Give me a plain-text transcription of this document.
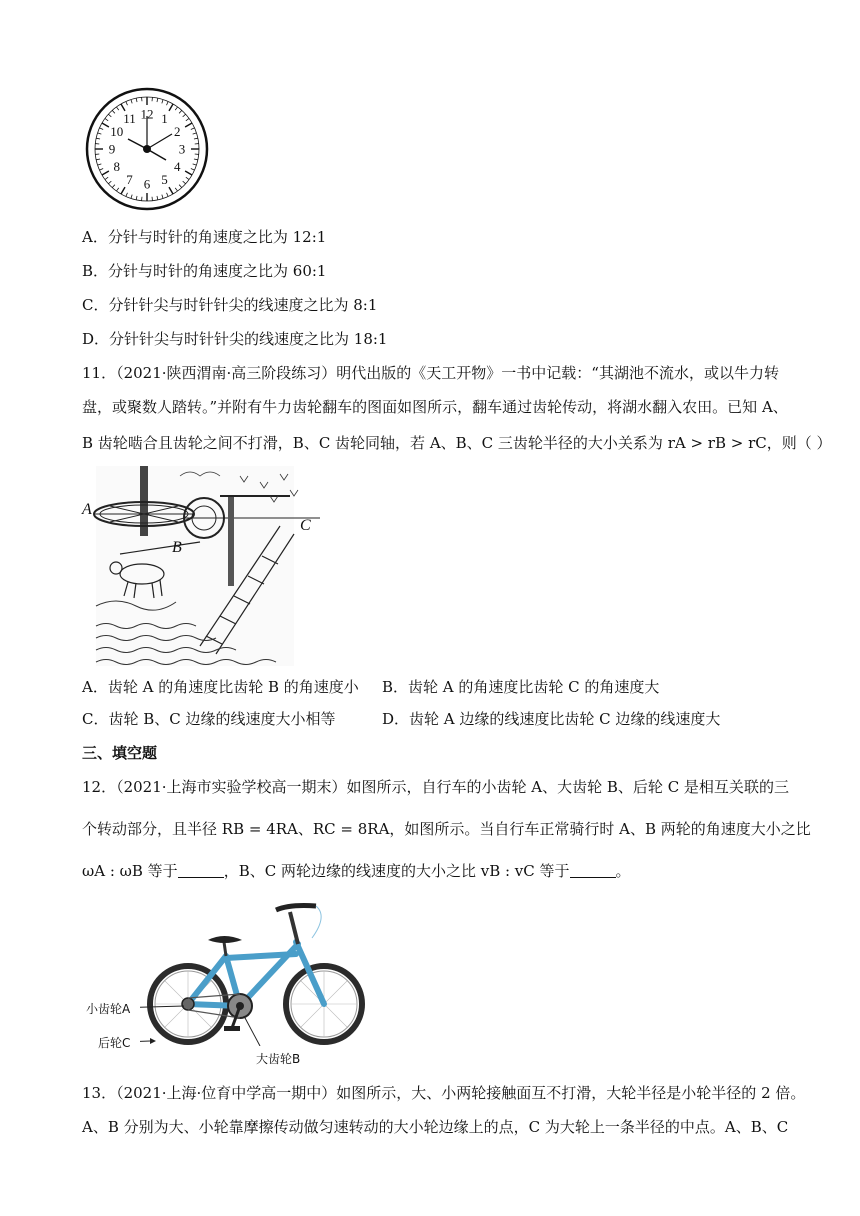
12 1
2
3
4
5
6
7
8
9
10
11
A．分针与时针的角速度之比为 12:1
B．分针与时针的角速度之比为 60:1
C．分针针尖与时针针尖的线速度之比为 8:1
D．分针针尖与时针针尖的线速度之比为 18:1
11．（2021·陕西渭南·高三阶段练习）明代出版的《天工开物》一书中记载：“其湖池不流水，或以牛力转
盘，或聚数人踏转。”并附有牛力齿轮翻车的图面如图所示，翻车通过齿轮传动，将湖水翻入农田。已知 A、
B 齿轮啮合且齿轮之间不打滑，B、C 齿轮同轴，若 A、B、C 三齿轮半径的大小关系为 rA > rB > rC，则（ ）
A
B
C
A．齿轮 A 的角速度比齿轮 B 的角速度小 B．齿轮 A 的角速度比齿轮 C 的角速度大
C．齿轮 B、C 边缘的线速度大小相等	D．齿轮 A 边缘的线速度比齿轮 C 边缘的线速度大
三、填空题
12．（2021·上海市实验学校高一期末）如图所示，自行车的小齿轮 A、大齿轮 B、后轮 C 是相互关联的三
个转动部分，且半径 RB = 4RA、RC = 8RA，如图所示。当自行车正常骑行时 A、B 两轮的角速度大小之比
ωA : ωB 等于	，B、C 两轮边缘的线速度的大小之比 vB : vC 等于	。
小齿轮A
后轮C
大齿轮B
13．（2021·上海·位育中学高一期中）如图所示，大、小两轮接触面互不打滑，大轮半径是小轮半径的 2 倍。
A、B 分别为大、小轮靠摩擦传动做匀速转动的大小轮边缘上的点，C 为大轮上一条半径的中点。A、B、C
